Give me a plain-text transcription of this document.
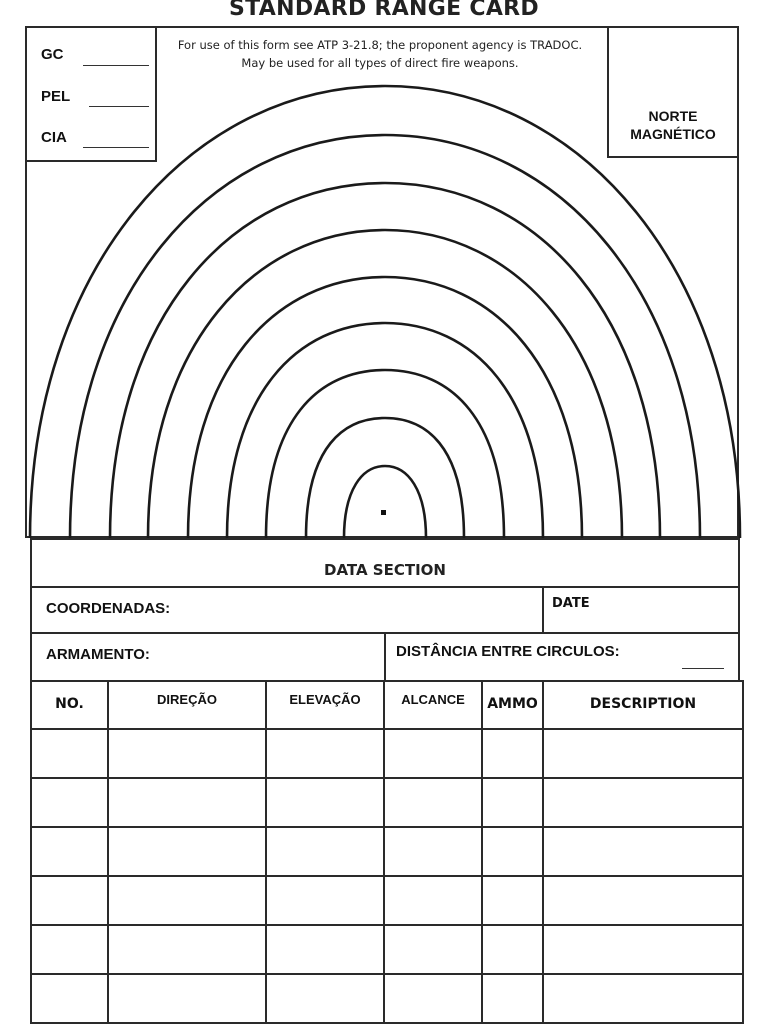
STANDARD RANGE CARD
GC
PEL
CIA
For use of this form see ATP 3-21.8; the proponent agency is TRADOC.
May be used for all types of direct fire weapons.
NORTE
MAGNÉTICO
DATA SECTION
COORDENADAS:	DATE
ARMAMENTO:	DISTÂNCIA ENTRE CIRCULOS:
NO.	DIREÇÃO	ELEVAÇÃO	ALCANCE	AMMO	DESCRIPTION
